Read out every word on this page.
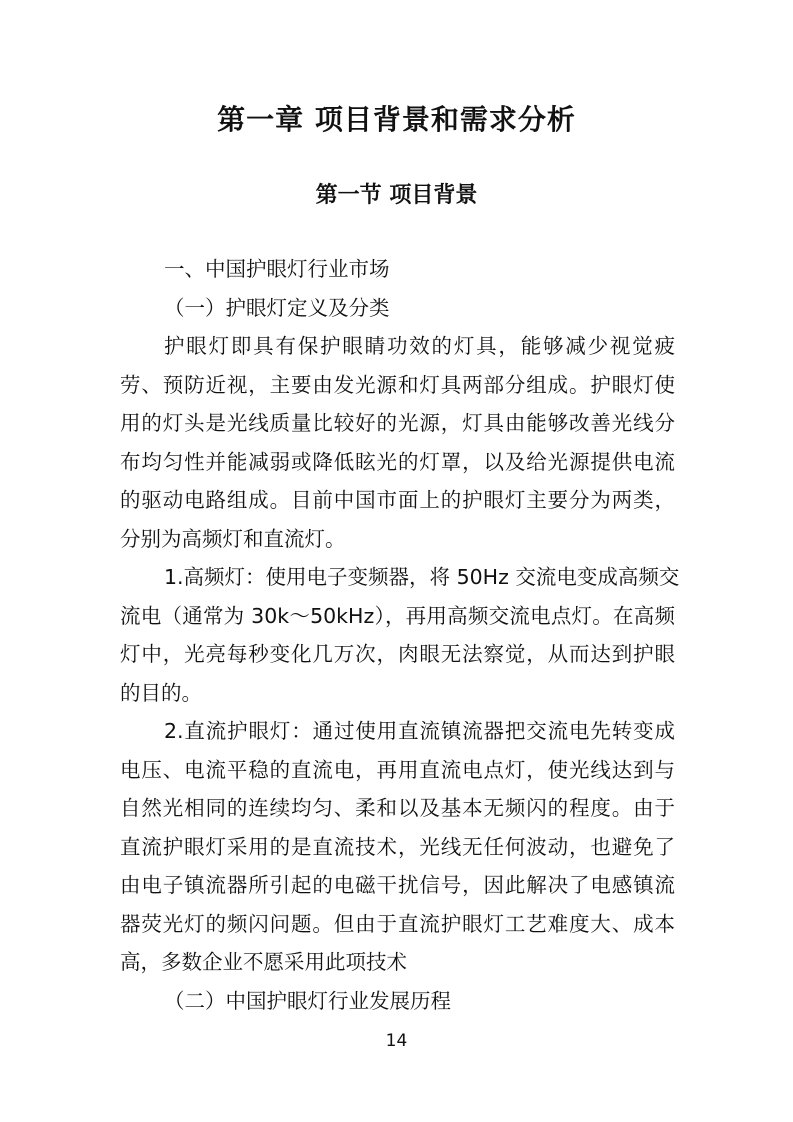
第一章 项目背景和需求分析
第一节 项目背景
一、中国护眼灯行业市场
（一）护眼灯定义及分类
护眼灯即具有保护眼睛功效的灯具，能够减少视觉疲
劳、预防近视，主要由发光源和灯具两部分组成。护眼灯使
用的灯头是光线质量比较好的光源，灯具由能够改善光线分
布均匀性并能减弱或降低眩光的灯罩，以及给光源提供电流
的驱动电路组成。目前中国市面上的护眼灯主要分为两类，
分别为高频灯和直流灯。
1.高频灯：使用电子变频器，将 50Hz 交流电变成高频交
流电（通常为 30k～50kHz），再用高频交流电点灯。在高频
灯中，光亮每秒变化几万次，肉眼无法察觉，从而达到护眼
的目的。
2.直流护眼灯：通过使用直流镇流器把交流电先转变成
电压、电流平稳的直流电，再用直流电点灯，使光线达到与
自然光相同的连续均匀、柔和以及基本无频闪的程度。由于
直流护眼灯采用的是直流技术，光线无任何波动，也避免了
由电子镇流器所引起的电磁干扰信号，因此解决了电感镇流
器荧光灯的频闪问题。但由于直流护眼灯工艺难度大、成本
高，多数企业不愿采用此项技术
（二）中国护眼灯行业发展历程
14
